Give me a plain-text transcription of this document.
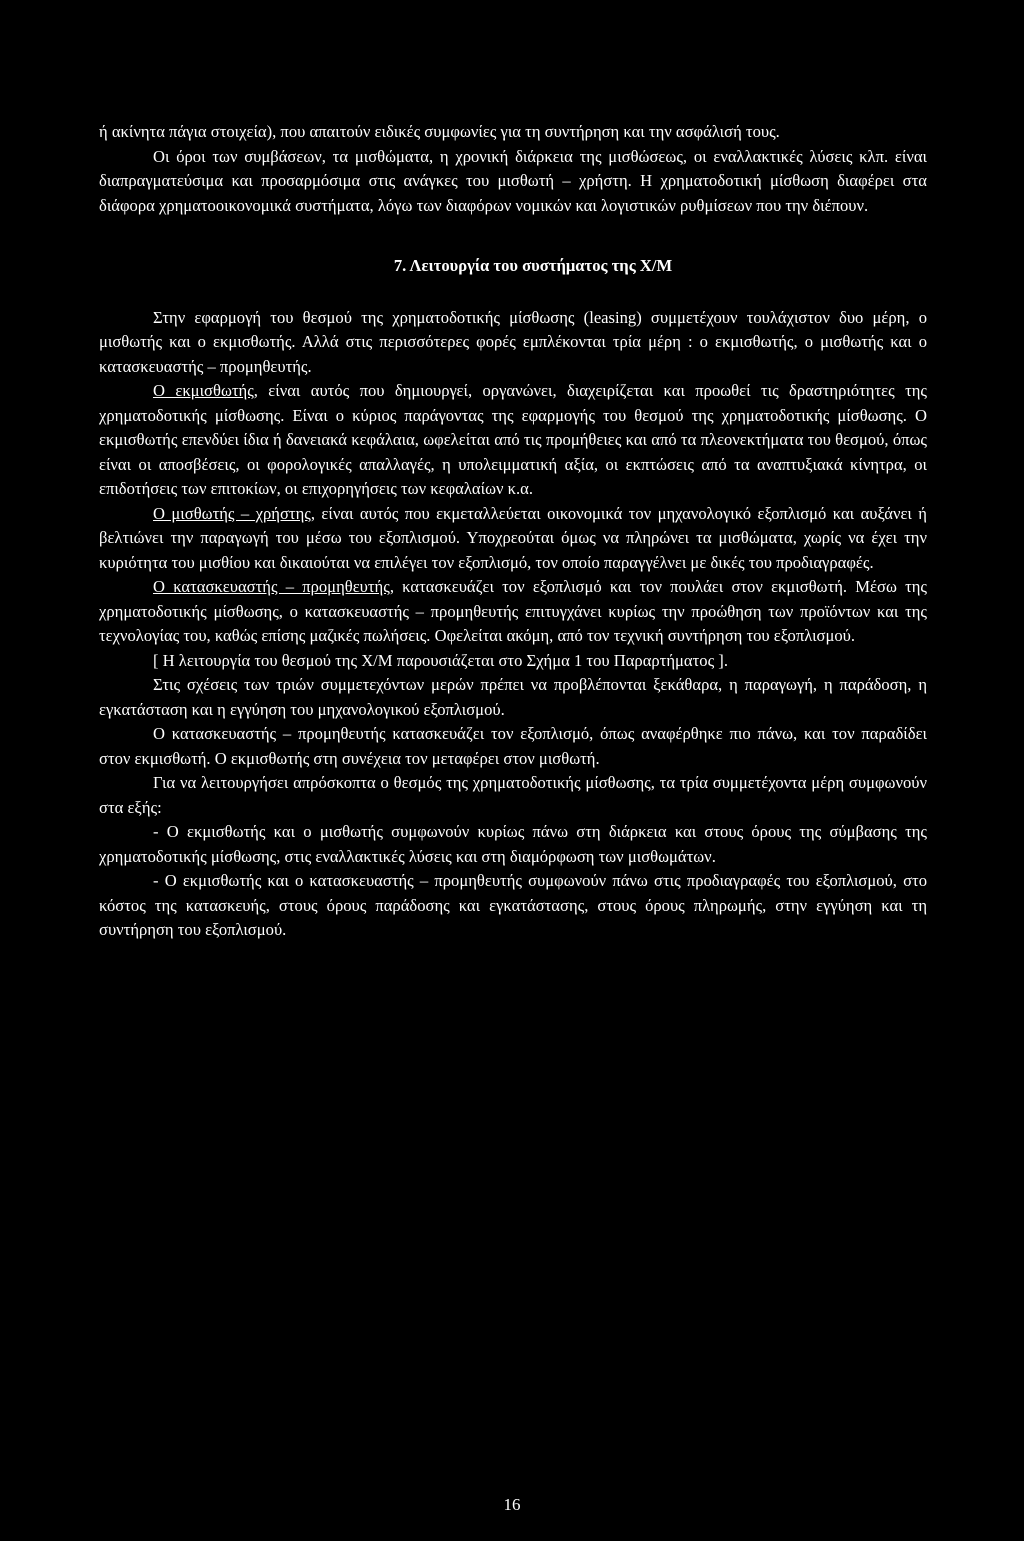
ή ακίνητα πάγια στοιχεία), που απαιτούν ειδικές συμφωνίες για τη συντήρηση και την ασφάλισή τους.

Οι όροι των συμβάσεων, τα μισθώματα, η χρονική διάρκεια της μισθώσεως, οι εναλλακτικές λύσεις κλπ. είναι διαπραγματεύσιμα και προσαρμόσιμα στις ανάγκες του μισθωτή – χρήστη. Η χρηματοδοτική μίσθωση διαφέρει στα διάφορα χρηματοοικονομικά συστήματα, λόγω των διαφόρων νομικών και λογιστικών ρυθμίσεων που την διέπουν.

7. Λειτουργία του συστήματος της Χ/Μ

Στην εφαρμογή του θεσμού της χρηματοδοτικής μίσθωσης (leasing) συμμετέχουν τουλάχιστον δυο μέρη, ο μισθωτής και ο εκμισθωτής. Αλλά στις περισσότερες φορές εμπλέκονται τρία μέρη : ο εκμισθωτής, ο μισθωτής και ο κατασκευαστής – προμηθευτής.

Ο εκμισθωτής, είναι αυτός που δημιουργεί, οργανώνει, διαχειρίζεται και προωθεί τις δραστηριότητες της χρηματοδοτικής μίσθωσης. Είναι ο κύριος παράγοντας της εφαρμογής του θεσμού της χρηματοδοτικής μίσθωσης. Ο εκμισθωτής επενδύει ίδια ή δανειακά κεφάλαια, ωφελείται από τις προμήθειες και από τα πλεονεκτήματα του θεσμού, όπως είναι οι αποσβέσεις, οι φορολογικές απαλλαγές, η υπολειμματική αξία, οι εκπτώσεις από τα αναπτυξιακά κίνητρα, οι επιδοτήσεις των επιτοκίων, οι επιχορηγήσεις των κεφαλαίων κ.α.

Ο μισθωτής – χρήστης, είναι αυτός που εκμεταλλεύεται οικονομικά τον μηχανολογικό εξοπλισμό και αυξάνει ή βελτιώνει την παραγωγή του μέσω του εξοπλισμού. Υποχρεούται όμως να πληρώνει τα μισθώματα, χωρίς να έχει την κυριότητα του μισθίου και δικαιούται να επιλέγει τον εξοπλισμό, τον οποίο παραγγέλνει με δικές του προδιαγραφές.

Ο κατασκευαστής – προμηθευτής, κατασκευάζει τον εξοπλισμό και τον πουλάει στον εκμισθωτή. Μέσω της χρηματοδοτικής μίσθωσης, ο κατασκευαστής – προμηθευτής επιτυγχάνει κυρίως την προώθηση των προϊόντων και της τεχνολογίας του, καθώς επίσης μαζικές πωλήσεις. Οφελείται ακόμη, από τον τεχνική συντήρηση του εξοπλισμού.

[ Η λειτουργία του θεσμού της Χ/Μ παρουσιάζεται στο Σχήμα 1 του Παραρτήματος ].

Στις σχέσεις των τριών συμμετεχόντων μερών πρέπει να προβλέπονται ξεκάθαρα, η παραγωγή, η παράδοση, η εγκατάσταση και η εγγύηση του μηχανολογικού εξοπλισμού.

Ο κατασκευαστής – προμηθευτής κατασκευάζει τον εξοπλισμό, όπως αναφέρθηκε πιο πάνω, και τον παραδίδει στον εκμισθωτή. Ο εκμισθωτής στη συνέχεια τον μεταφέρει στον μισθωτή.

Για να λειτουργήσει απρόσκοπτα ο θεσμός της χρηματοδοτικής μίσθωσης, τα τρία συμμετέχοντα μέρη συμφωνούν στα εξής:

- Ο εκμισθωτής και ο μισθωτής συμφωνούν κυρίως πάνω στη διάρκεια και στους όρους της σύμβασης της χρηματοδοτικής μίσθωσης, στις εναλλακτικές λύσεις και στη διαμόρφωση των μισθωμάτων.

- Ο εκμισθωτής και ο κατασκευαστής – προμηθευτής συμφωνούν πάνω στις προδιαγραφές του εξοπλισμού, στο κόστος της κατασκευής, στους όρους παράδοσης και εγκατάστασης, στους όρους πληρωμής, στην εγγύηση και τη συντήρηση του εξοπλισμού.

16
